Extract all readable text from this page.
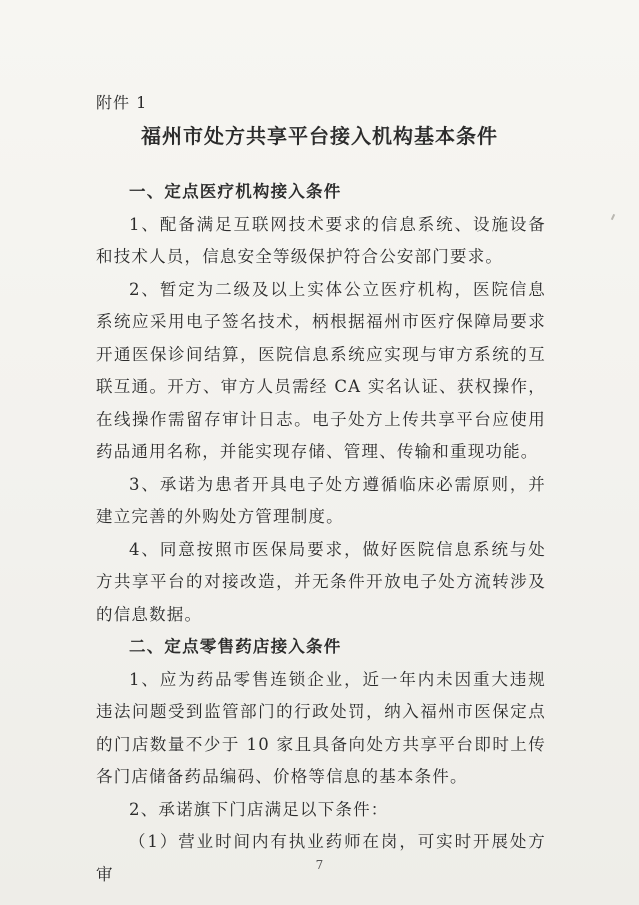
附件 1
福州市处方共享平台接入机构基本条件

一、定点医疗机构接入条件

1、配备满足互联网技术要求的信息系统、设施设备和技术人员，信息安全等级保护符合公安部门要求。

2、暂定为二级及以上实体公立医疗机构，医院信息系统应采用电子签名技术，柄根据福州市医疗保障局要求开通医保诊间结算，医院信息系统应实现与审方系统的互联互通。开方、审方人员需经 CA 实名认证、获权操作，在线操作需留存审计日志。电子处方上传共享平台应使用药品通用名称，并能实现存储、管理、传输和重现功能。

3、承诺为患者开具电子处方遵循临床必需原则，并建立完善的外购处方管理制度。

4、同意按照市医保局要求，做好医院信息系统与处方共享平台的对接改造，并无条件开放电子处方流转涉及的信息数据。

二、定点零售药店接入条件

1、应为药品零售连锁企业，近一年内未因重大违规违法问题受到监管部门的行政处罚，纳入福州市医保定点的门店数量不少于 10 家且具备向处方共享平台即时上传各门店储备药品编码、价格等信息的基本条件。

2、承诺旗下门店满足以下条件：

（1）营业时间内有执业药师在岗，可实时开展处方审	7
